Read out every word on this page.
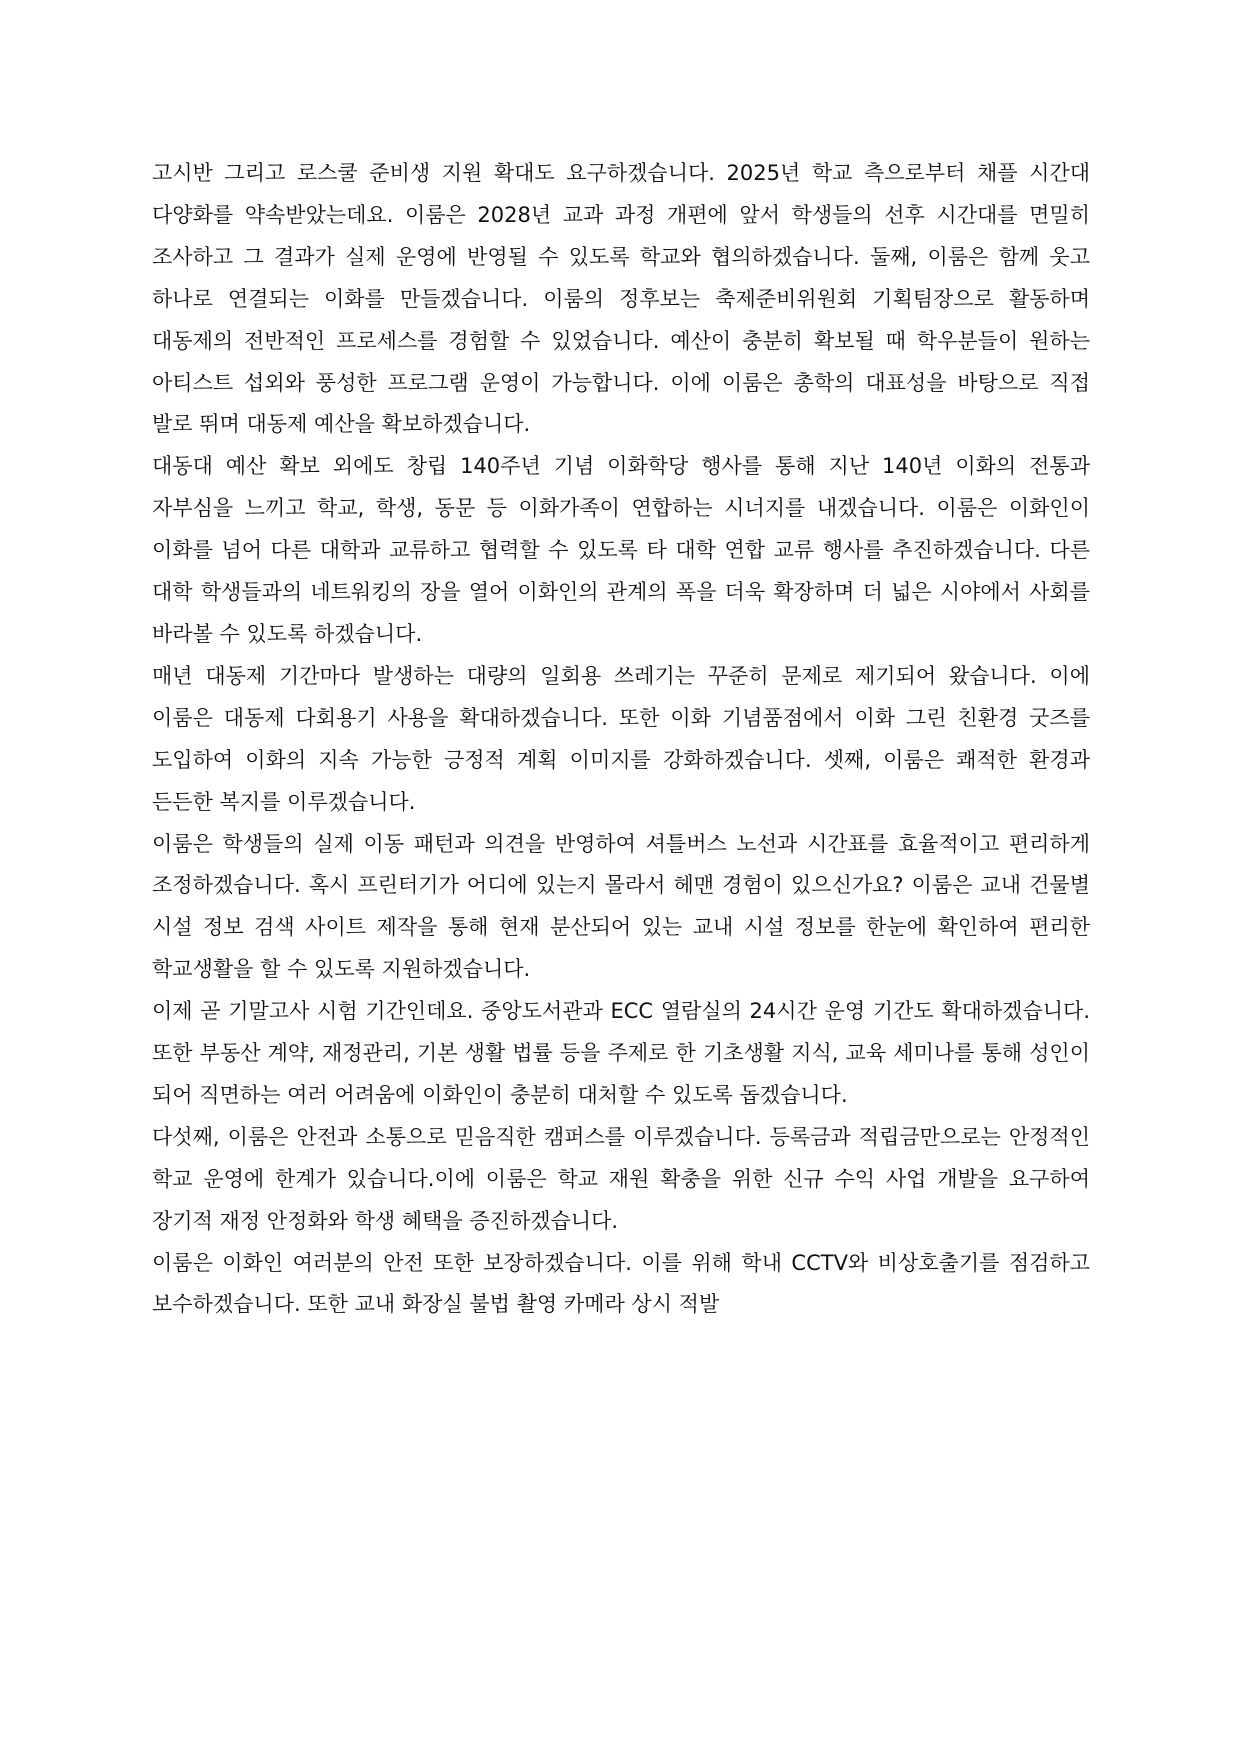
고시반 그리고 로스쿨 준비생 지원 확대도 요구하겠습니다. 2025년 학교 측으로부터 채플 시간대 다양화를 약속받았는데요. 이룸은 2028년 교과 과정 개편에 앞서 학생들의 선후 시간대를 면밀히 조사하고 그 결과가 실제 운영에 반영될 수 있도록 학교와 협의하겠습니다. 둘째, 이룸은 함께 웃고 하나로 연결되는 이화를 만들겠습니다. 이룸의 정후보는 축제준비위원회 기획팀장으로 활동하며 대동제의 전반적인 프로세스를 경험할 수 있었습니다. 예산이 충분히 확보될 때 학우분들이 원하는 아티스트 섭외와 풍성한 프로그램 운영이 가능합니다. 이에 이룸은 총학의 대표성을 바탕으로 직접 발로 뛰며 대동제 예산을 확보하겠습니다.

대동대 예산 확보 외에도 창립 140주년 기념 이화학당 행사를 통해 지난 140년 이화의 전통과 자부심을 느끼고 학교, 학생, 동문 등 이화가족이 연합하는 시너지를 내겠습니다. 이룸은 이화인이 이화를 넘어 다른 대학과 교류하고 협력할 수 있도록 타 대학 연합 교류 행사를 추진하겠습니다. 다른 대학 학생들과의 네트워킹의 장을 열어 이화인의 관계의 폭을 더욱 확장하며 더 넓은 시야에서 사회를 바라볼 수 있도록 하겠습니다.

매년 대동제 기간마다 발생하는 대량의 일회용 쓰레기는 꾸준히 문제로 제기되어 왔습니다. 이에 이룸은 대동제 다회용기 사용을 확대하겠습니다. 또한 이화 기념품점에서 이화 그린 친환경 굿즈를 도입하여 이화의 지속 가능한 긍정적 계획 이미지를 강화하겠습니다. 셋째, 이룸은 쾌적한 환경과 든든한 복지를 이루겠습니다.

이룸은 학생들의 실제 이동 패턴과 의견을 반영하여 셔틀버스 노선과 시간표를 효율적이고 편리하게 조정하겠습니다. 혹시 프린터기가 어디에 있는지 몰라서 헤맨 경험이 있으신가요? 이룸은 교내 건물별 시설 정보 검색 사이트 제작을 통해 현재 분산되어 있는 교내 시설 정보를 한눈에 확인하여 편리한 학교생활을 할 수 있도록 지원하겠습니다.

이제 곧 기말고사 시험 기간인데요. 중앙도서관과 ECC 열람실의 24시간 운영 기간도 확대하겠습니다. 또한 부동산 계약, 재정관리, 기본 생활 법률 등을 주제로 한 기초생활 지식, 교육 세미나를 통해 성인이 되어 직면하는 여러 어려움에 이화인이 충분히 대처할 수 있도록 돕겠습니다.

다섯째, 이룸은 안전과 소통으로 믿음직한 캠퍼스를 이루겠습니다. 등록금과 적립금만으로는 안정적인 학교 운영에 한계가 있습니다.이에 이룸은 학교 재원 확충을 위한 신규 수익 사업 개발을 요구하여 장기적 재정 안정화와 학생 혜택을 증진하겠습니다.

이룸은 이화인 여러분의 안전 또한 보장하겠습니다. 이를 위해 학내 CCTV와 비상호출기를 점검하고 보수하겠습니다. 또한 교내 화장실 불법 촬영 카메라 상시 적발
